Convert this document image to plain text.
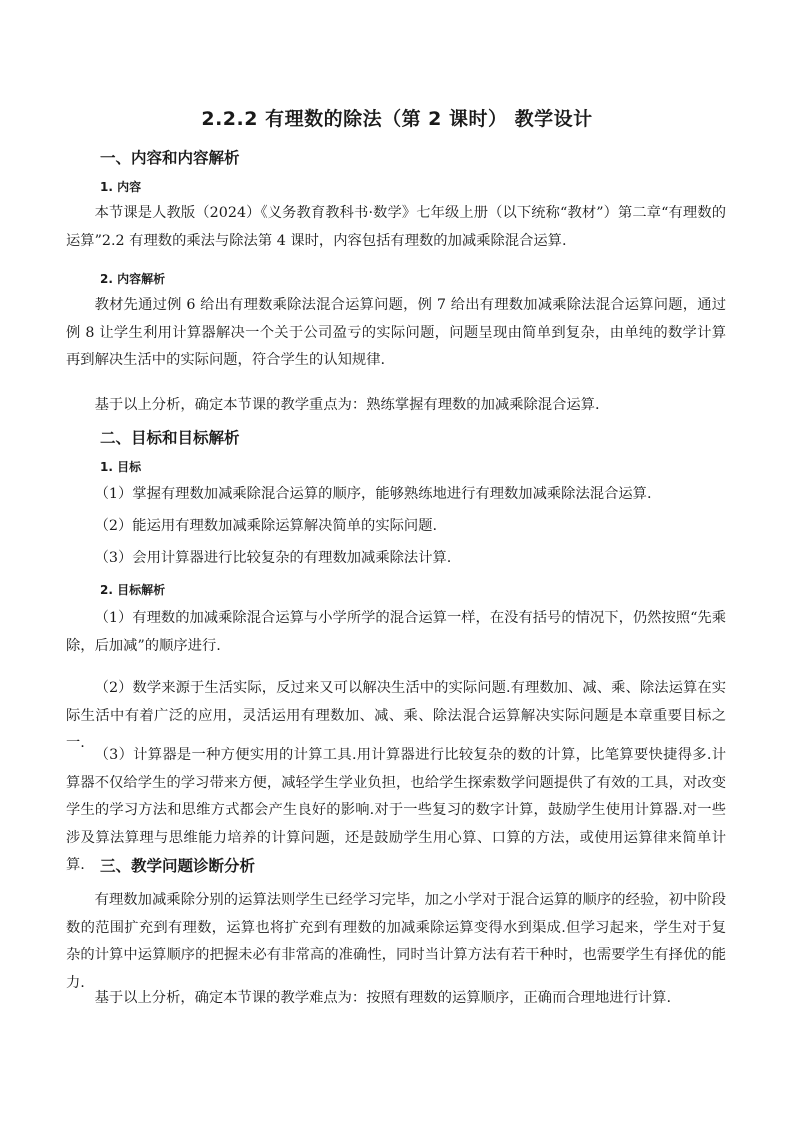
2.2.2 有理数的除法（第 2 课时） 教学设计
一、内容和内容解析
1. 内容
本节课是人教版（2024）《义务教育教科书·数学》七年级上册（以下统称“教材”）第二章“有理数的运算”2.2 有理数的乘法与除法第 4 课时，内容包括有理数的加减乘除混合运算.
2. 内容解析
教材先通过例 6 给出有理数乘除法混合运算问题，例 7 给出有理数加减乘除法混合运算问题，通过例 8 让学生利用计算器解决一个关于公司盈亏的实际问题，问题呈现由简单到复杂，由单纯的数学计算再到解决生活中的实际问题，符合学生的认知规律.
基于以上分析，确定本节课的教学重点为：熟练掌握有理数的加减乘除混合运算.
二、目标和目标解析
1. 目标
（1）掌握有理数加减乘除混合运算的顺序，能够熟练地进行有理数加减乘除法混合运算.
（2）能运用有理数加减乘除运算解决简单的实际问题.
（3）会用计算器进行比较复杂的有理数加减乘除法计算.
2. 目标解析
（1）有理数的加减乘除混合运算与小学所学的混合运算一样，在没有括号的情况下，仍然按照“先乘除，后加减”的顺序进行.
（2）数学来源于生活实际，反过来又可以解决生活中的实际问题.有理数加、减、乘、除法运算在实际生活中有着广泛的应用，灵活运用有理数加、减、乘、除法混合运算解决实际问题是本章重要目标之一.
（3）计算器是一种方便实用的计算工具.用计算器进行比较复杂的数的计算，比笔算要快捷得多.计算器不仅给学生的学习带来方便，减轻学生学业负担，也给学生探索数学问题提供了有效的工具，对改变学生的学习方法和思维方式都会产生良好的影响.对于一些复习的数字计算，鼓励学生使用计算器.对一些涉及算法算理与思维能力培养的计算问题，还是鼓励学生用心算、口算的方法，或使用运算律来简单计算. 三、教学问题诊断分析
有理数加减乘除分别的运算法则学生已经学习完毕，加之小学对于混合运算的顺序的经验，初中阶段数的范围扩充到有理数，运算也将扩充到有理数的加减乘除运算变得水到渠成.但学习起来，学生对于复杂的计算中运算顺序的把握未必有非常高的准确性，同时当计算方法有若干种时，也需要学生有择优的能力.
基于以上分析，确定本节课的教学难点为：按照有理数的运算顺序，正确而合理地进行计算.
